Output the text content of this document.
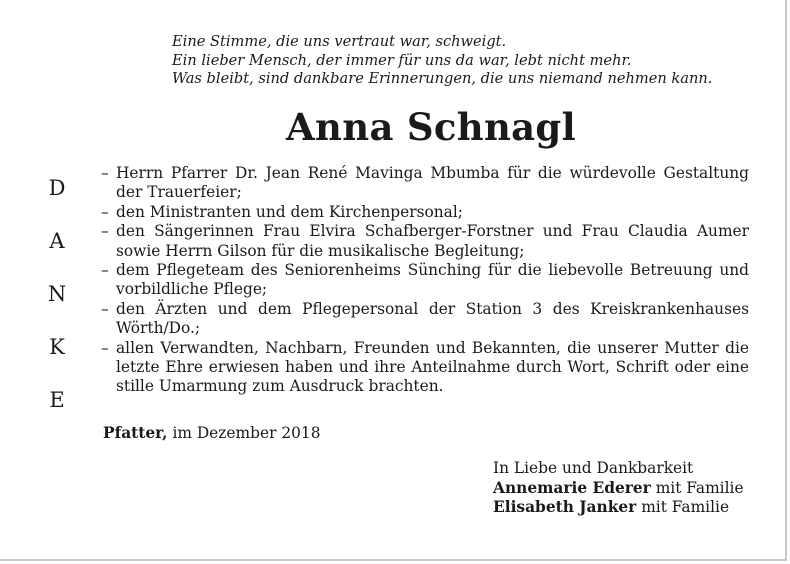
Eine Stimme, die uns vertraut war, schweigt.
Ein lieber Mensch, der immer für uns da war, lebt nicht mehr.
Was bleibt, sind dankbare Erinnerungen, die uns niemand nehmen kann.
Anna Schnagl
D
A
N
K
E
– Herrn Pfarrer Dr. Jean René Mavinga Mbumba für die würdevolle Gestaltung der Trauerfeier;
– den Ministranten und dem Kirchenpersonal;
– den Sängerinnen Frau Elvira Schafberger-Forstner und Frau Claudia Aumer sowie Herrn Gilson für die musikalische Begleitung;
– dem Pflegeteam des Seniorenheims Sünching für die liebevolle Betreuung und vorbildliche Pflege;
– den Ärzten und dem Pflegepersonal der Station 3 des Kreiskrankenhauses Wörth/Do.;
– allen Verwandten, Nachbarn, Freunden und Bekannten, die unserer Mutter die letzte Ehre erwiesen haben und ihre Anteilnahme durch Wort, Schrift oder eine stille Umarmung zum Ausdruck brachten.
Pfatter, im Dezember 2018
In Liebe und Dankbarkeit
Annemarie Ederer mit Familie
Elisabeth Janker mit Familie
